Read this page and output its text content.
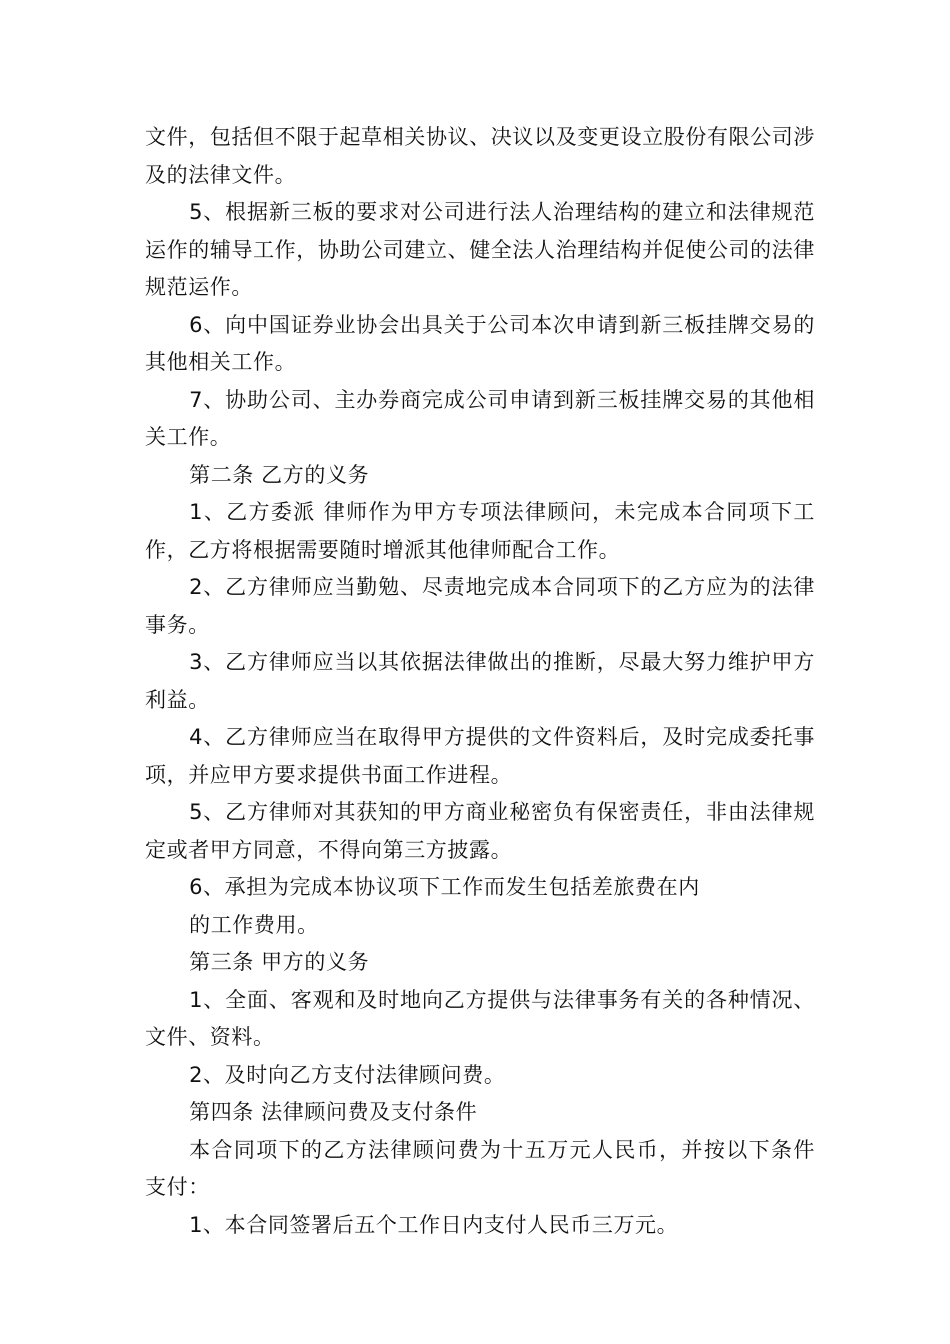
文件，包括但不限于起草相关协议、决议以及变更设立股份有限公司涉及的法律文件。

5、根据新三板的要求对公司进行法人治理结构的建立和法律规范运作的辅导工作，协助公司建立、健全法人治理结构并促使公司的法律规范运作。

6、向中国证券业协会出具关于公司本次申请到新三板挂牌交易的其他相关工作。

7、协助公司、主办券商完成公司申请到新三板挂牌交易的其他相关工作。

第二条 乙方的义务

1、乙方委派 律师作为甲方专项法律顾问，未完成本合同项下工作，乙方将根据需要随时增派其他律师配合工作。

2、乙方律师应当勤勉、尽责地完成本合同项下的乙方应为的法律事务。

3、乙方律师应当以其依据法律做出的推断，尽最大努力维护甲方利益。

4、乙方律师应当在取得甲方提供的文件资料后，及时完成委托事项，并应甲方要求提供书面工作进程。

5、乙方律师对其获知的甲方商业秘密负有保密责任，非由法律规定或者甲方同意，不得向第三方披露。

6、承担为完成本协议项下工作而发生包括差旅费在内

的工作费用。

第三条 甲方的义务

1、全面、客观和及时地向乙方提供与法律事务有关的各种情况、文件、资料。

2、及时向乙方支付法律顾问费。

第四条 法律顾问费及支付条件

本合同项下的乙方法律顾问费为十五万元人民币，并按以下条件支付：

1、本合同签署后五个工作日内支付人民币三万元。
